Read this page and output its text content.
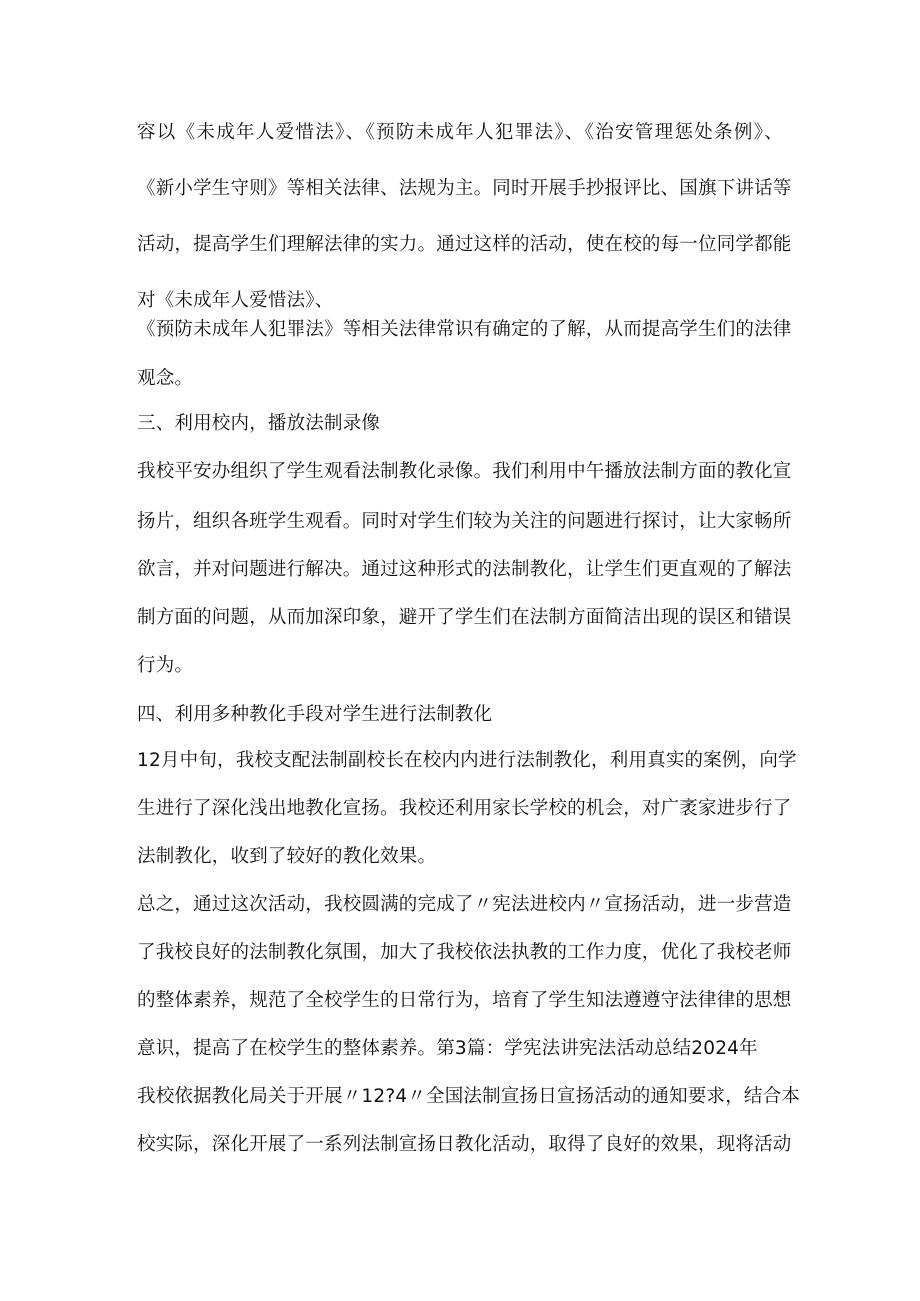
容以《未成年人爱惜法》、《预防未成年人犯罪法》、《治安管理惩处条例》、
《新小学生守则》等相关法律、法规为主。同时开展手抄报评比、国旗下讲话等
活动，提高学生们理解法律的实力。通过这样的活动，使在校的每一位同学都能
对《未成年人爱惜法》、
《预防未成年人犯罪法》等相关法律常识有确定的了解，从而提高学生们的法律
观念。
三、利用校内，播放法制录像
我校平安办组织了学生观看法制教化录像。我们利用中午播放法制方面的教化宣
扬片，组织各班学生观看。同时对学生们较为关注的问题进行探讨，让大家畅所
欲言，并对问题进行解决。通过这种形式的法制教化，让学生们更直观的了解法
制方面的问题，从而加深印象，避开了学生们在法制方面简洁出现的误区和错误
行为。
四、利用多种教化手段对学生进行法制教化
12月中旬，我校支配法制副校长在校内内进行法制教化，利用真实的案例，向学
生进行了深化浅出地教化宣扬。我校还利用家长学校的机会，对广袤家进步行了
法制教化，收到了较好的教化效果。
总之，通过这次活动，我校圆满的完成了〃宪法进校内〃宣扬活动，进一步营造
了我校良好的法制教化氛围，加大了我校依法执教的工作力度，优化了我校老师
的整体素养，规范了全校学生的日常行为，培育了学生知法遵遵守法律律的思想
意识，提高了在校学生的整体素养。第3篇：学宪法讲宪法活动总结2024年
我校依据教化局关于开展〃12?4〃全国法制宣扬日宣扬活动的通知要求，结合本
校实际，深化开展了一系列法制宣扬日教化活动，取得了良好的效果，现将活动
